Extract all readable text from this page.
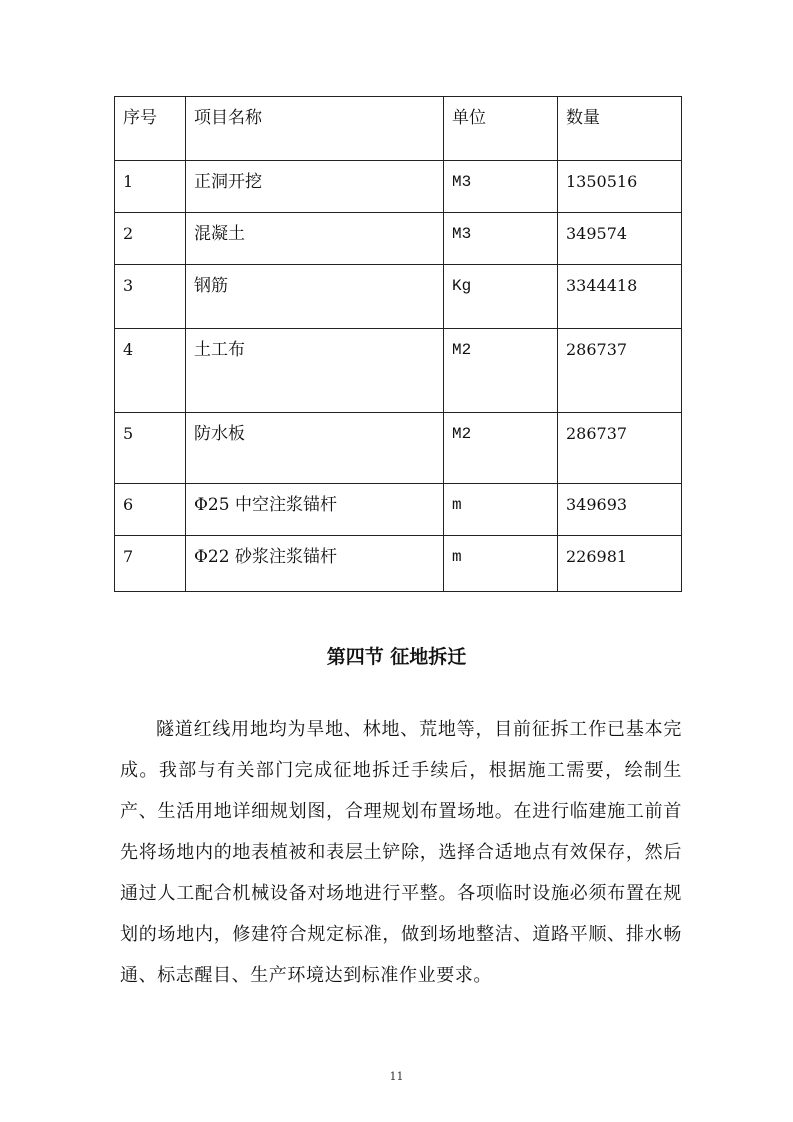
序号	项目名称	单位	数量
1	正洞开挖	M3	1350516
2	混凝土	M3	349574
3	钢筋	Kg	3344418
4	土工布	M2	286737
5	防水板	M2	286737
6	Φ25 中空注浆锚杆	m	349693
7	Φ22 砂浆注浆锚杆	m	226981
第四节 征地拆迁

隧道红线用地均为旱地、林地、荒地等，目前征拆工作已基本完成。我部与有关部门完成征地拆迁手续后，根据施工需要，绘制生产、生活用地详细规划图，合理规划布置场地。在进行临建施工前首先将场地内的地表植被和表层土铲除，选择合适地点有效保存，然后通过人工配合机械设备对场地进行平整。各项临时设施必须布置在规划的场地内，修建符合规定标准，做到场地整洁、道路平顺、排水畅通、标志醒目、生产环境达到标准作业要求。

11
